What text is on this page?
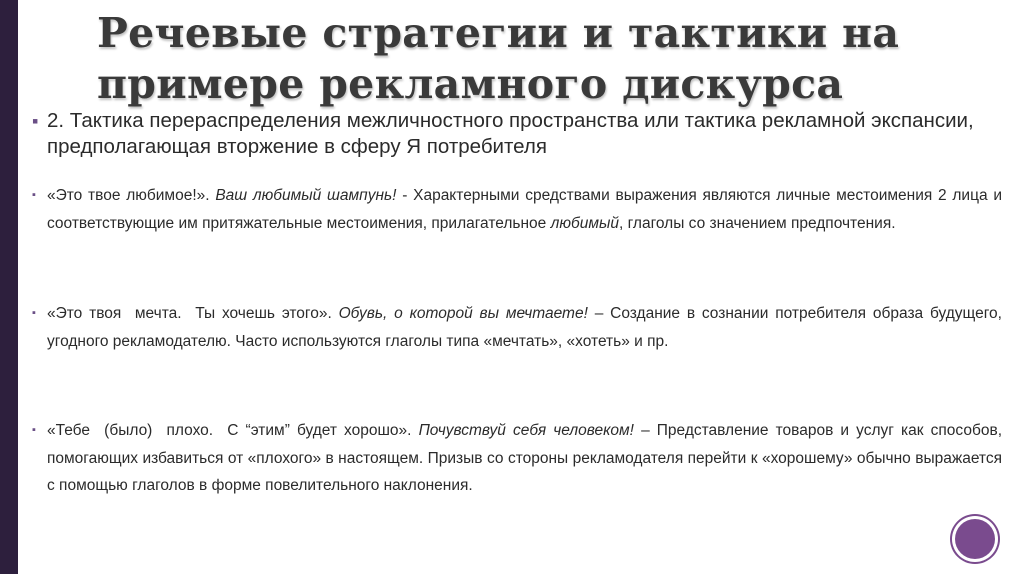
Речевые стратегии и тактики на
примере рекламного дискурса
▪ 2. Тактика перераспределения межличностного пространства или тактика рекламной экспансии, предполагающая вторжение в сферу Я потребителя
▪ «Это твое любимое!». Ваш любимый шампунь! - Характерными средствами выражения являются личные местоимения 2 лица и соответствующие им притяжательные местоимения, прилагательное любимый, глаголы со значением предпочтения.
▪ «Это твоя  мечта.  Ты хочешь этого». Обувь, о которой вы мечтаете! – Создание в сознании потребителя образа будущего, угодного рекламодателю. Часто используются глаголы типа «мечтать», «хотеть» и пр.
▪ «Тебе  (было)  плохо.  С “этим” будет хорошо». Почувствуй себя человеком! – Представление товаров и услуг как способов, помогающих избавиться от «плохого» в настоящем. Призыв со стороны рекламодателя перейти к «хорошему» обычно выражается с помощью глаголов в форме повелительного наклонения.
